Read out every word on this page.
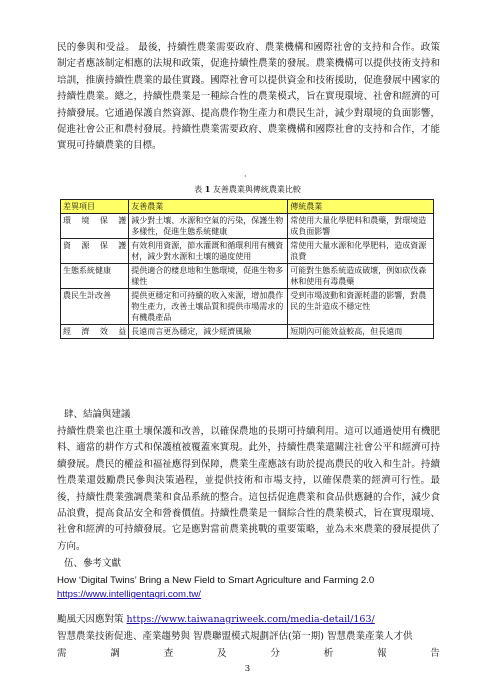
民的參與和受益。 最後，持續性農業需要政府、農業機構和國際社會的支持和合作。政策制定者應該制定相應的法規和政策，促進持續性農業的發展。農業機構可以提供技術支持和培訓，推廣持續性農業的最佳實踐。國際社會可以提供資金和技術援助，促進發展中國家的持續性農業。總之，持續性農業是一種綜合性的農業模式，旨在實現環境、社會和經濟的可持續發展。它通過保護自然資源、提高農作物生產力和農民生計，減少對環境的負面影響，促進社會公正和農村發展。持續性農業需要政府、農業機構和國際社會的支持和合作，才能實現可持續農業的目標。

·
表 1 友善農業與傳統農業比較
差異項目	友善農業	傳統農業
環境保護	減少對土壤、水源和空氣的污染，保護生物多樣性，促進生態系統健康	常使用大量化學肥料和農藥，對環境造成負面影響
資源保護	有效利用資源，節水灌溉和循環利用有機資材，減少對水源和土壤的過度使用	常使用大量水源和化學肥料，造成資源浪費
生態系統健康	提供適合的棲息地和生態環境，促進生物多樣性	可能對生態系統造成破壞，例如砍伐森林和使用有毒農藥
農民生計改善	提供更穩定和可持續的收入來源，增加農作物生產力，改善土壤品質和提供市場需求的有機農產品	受到市場波動和資源耗盡的影響，對農民的生計造成不穩定性
經濟效益	長遠而言更為穩定，減少經濟風險	短期內可能效益較高，但長遠而

肆、結論與建議

持續性農業也注重土壤保護和改善，以確保農地的長期可持續利用。這可以通過使用有機肥料、適當的耕作方式和保護植被覆蓋來實現。此外，持續性農業還關注社會公平和經濟可持續發展。農民的權益和福祉應得到保障，農業生產應該有助於提高農民的收入和生計。持續性農業還鼓勵農民參與決策過程，並提供技術和市場支持，以確保農業的經濟可行性。最後，持續性農業強調農業和食品系統的整合。這包括促進農業和食品供應鏈的合作，減少食品浪費，提高食品安全和營養價值。持續性農業是一個綜合性的農業模式，旨在實現環境、社會和經濟的可持續發展。它是應對當前農業挑戰的重要策略，並為未來農業的發展提供了方向。

伍、參考文獻

How ‘Digital Twins’ Bring a New Field to Smart Agriculture and Farming 2.0

https://www.intelligentagri.com.tw/

颱風天因應對策 https://www.taiwanagriweek.com/media-detail/163/

智慧農業技術促進、產業趨勢與 智農聯盟模式規劃評估(第一期) 智慧農業產業人才供

需	調	查	及	分	析	報	告

3
